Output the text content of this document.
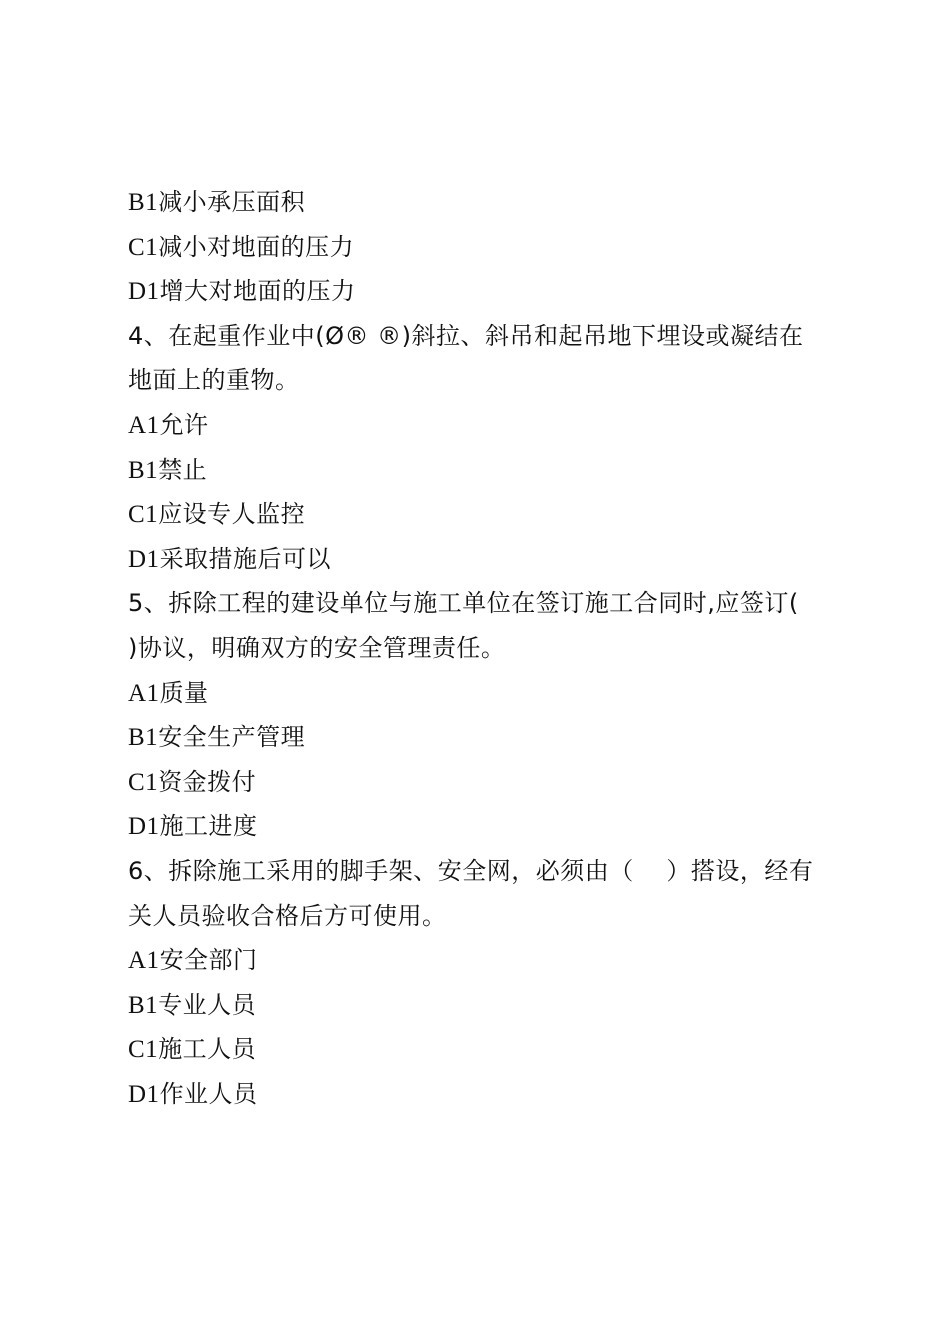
B1减小承压面积
C1减小对地面的压力
D1增大对地面的压力
4、在起重作业中(Ø® ®)斜拉、斜吊和起吊地下埋设或凝结在
地面上的重物。
A1允许
B1禁止
C1应设专人监控
D1采取措施后可以
5、拆除工程的建设单位与施工单位在签订施工合同时,应签订(
)协议，明确双方的安全管理责任。
A1质量
B1安全生产管理
C1资金拨付
D1施工进度
6、拆除施工采用的脚手架、安全网，必须由（　 ）搭设，经有
关人员验收合格后方可使用。
A1安全部门
B1专业人员
C1施工人员
D1作业人员
